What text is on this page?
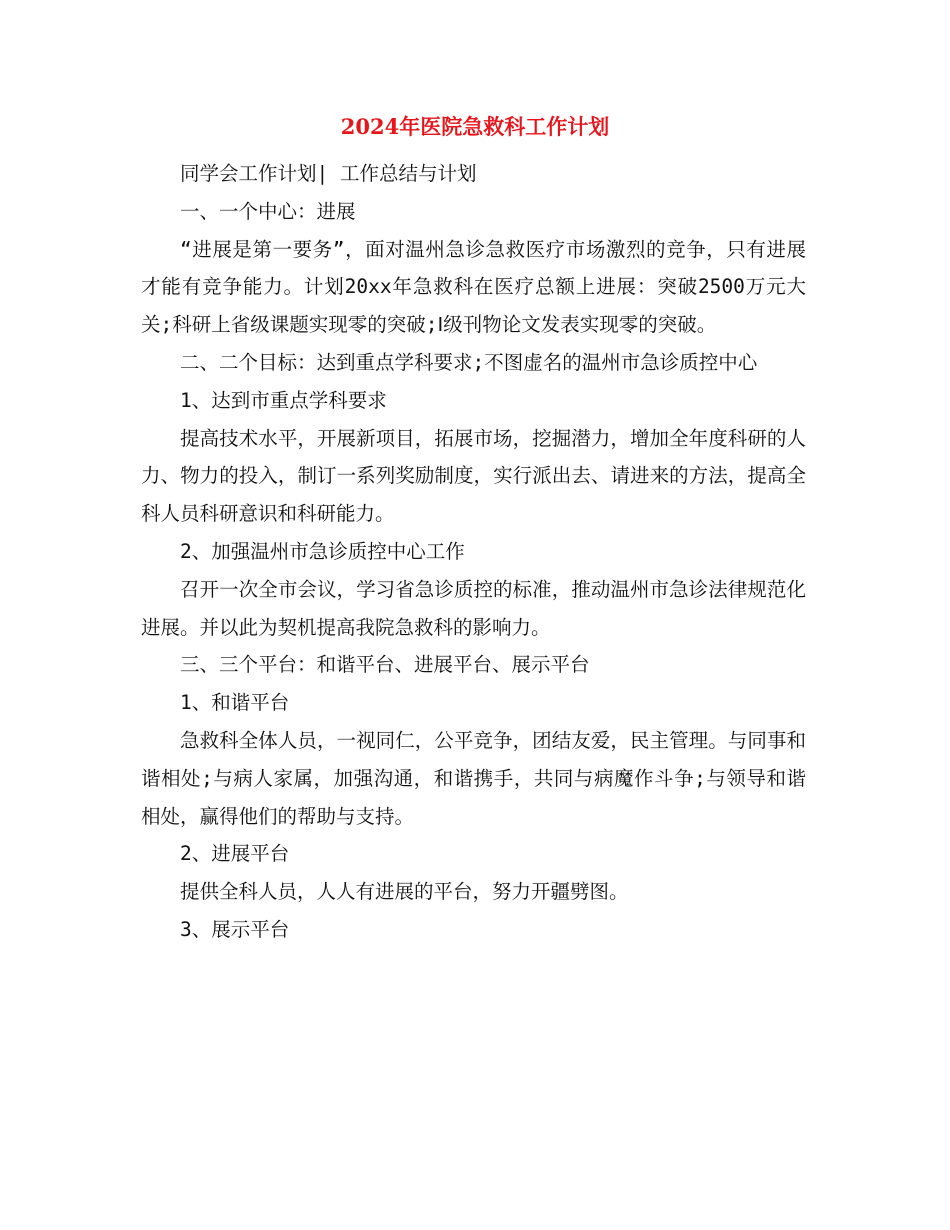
2024年医院急救科工作计划

同学会工作计划| 工作总结与计划

一、一个中心：进展

“进展是第一要务”，面对温州急诊急救医疗市场激烈的竞争，只有进展才能有竞争能力。计划20xx年急救科在医疗总额上进展：突破2500万元大关;科研上省级课题实现零的突破;Ⅰ级刊物论文发表实现零的突破。

二、二个目标：达到重点学科要求;不图虚名的温州市急诊质控中心

1、达到市重点学科要求

提高技术水平，开展新项目，拓展市场，挖掘潜力，增加全年度科研的人力、物力的投入，制订一系列奖励制度，实行派出去、请进来的方法，提高全科人员科研意识和科研能力。

2、加强温州市急诊质控中心工作

召开一次全市会议，学习省急诊质控的标准，推动温州市急诊法律规范化进展。并以此为契机提高我院急救科的影响力。

三、三个平台：和谐平台、进展平台、展示平台

1、和谐平台

急救科全体人员，一视同仁，公平竞争，团结友爱，民主管理。与同事和谐相处;与病人家属，加强沟通，和谐携手，共同与病魔作斗争;与领导和谐相处，赢得他们的帮助与支持。

2、进展平台

提供全科人员，人人有进展的平台，努力开疆劈图。

3、展示平台
